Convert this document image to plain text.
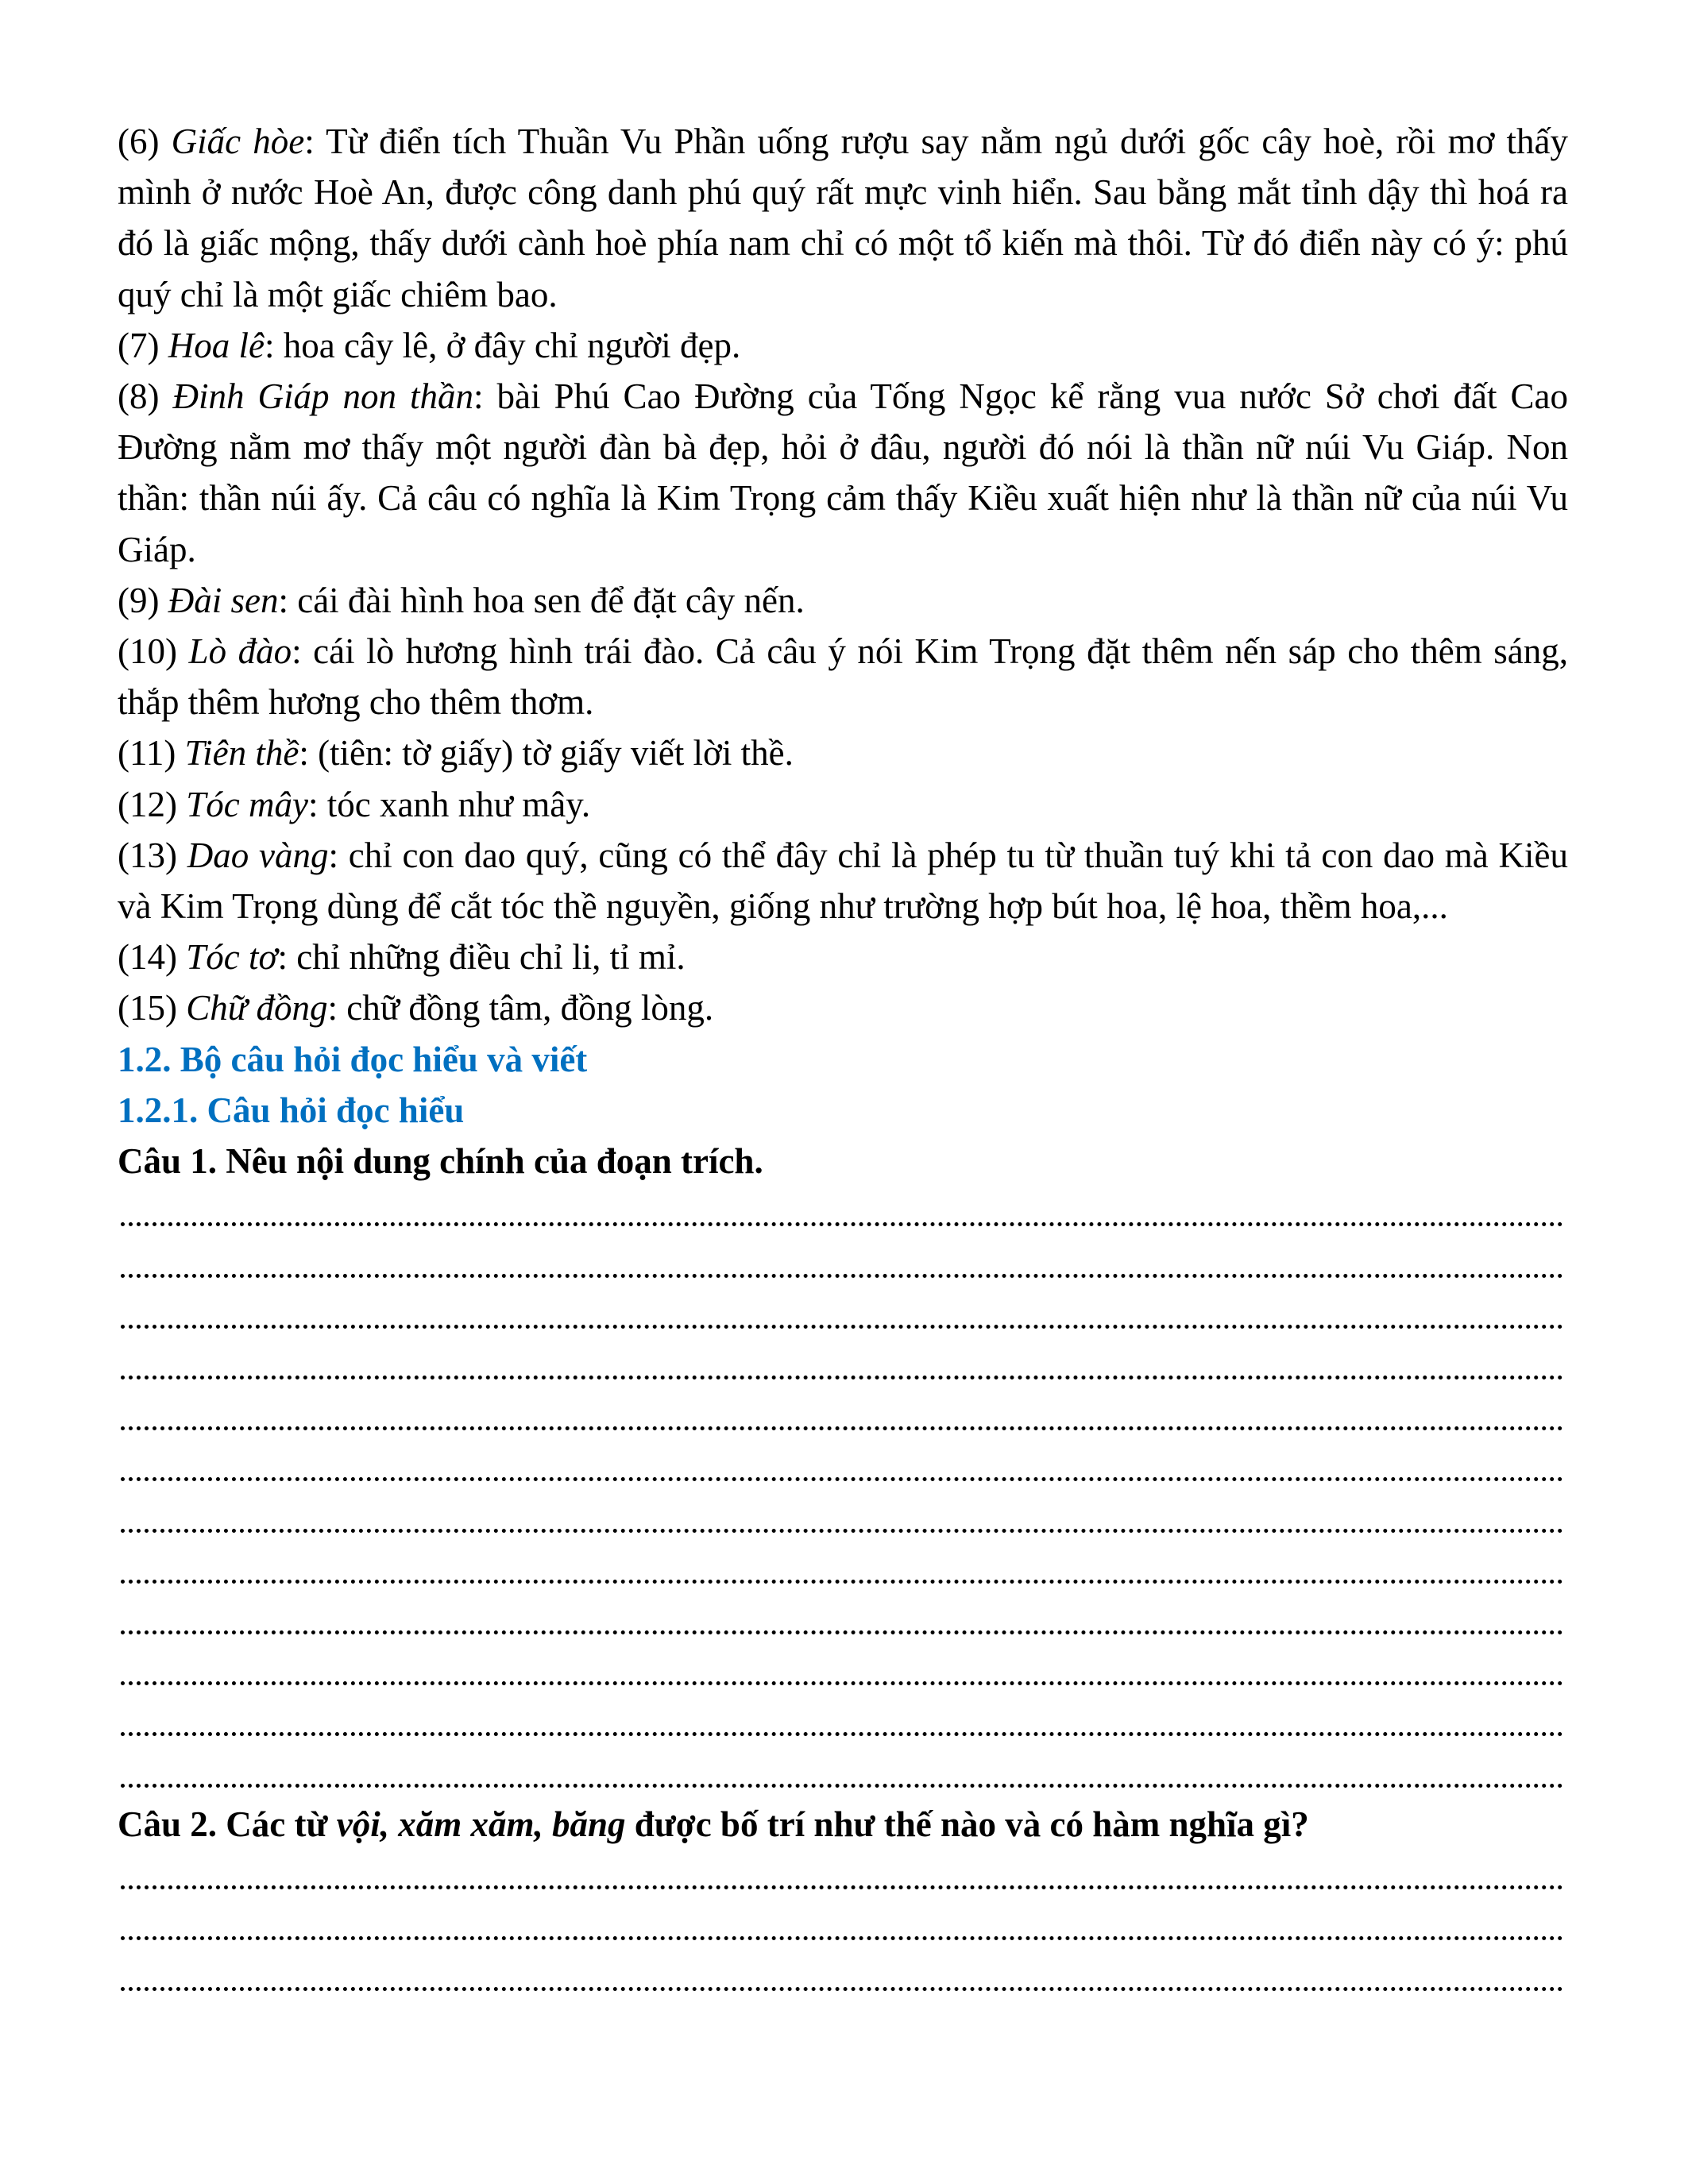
(6) Giấc hòe: Từ điển tích Thuần Vu Phần uống rượu say nằm ngủ dưới gốc cây hoè, rồi mơ thấy mình ở nước Hoè An, được công danh phú quý rất mực vinh hiển. Sau bằng mắt tỉnh dậy thì hoá ra đó là giấc mộng, thấy dưới cành hoè phía nam chỉ có một tổ kiến mà thôi. Từ đó điển này có ý: phú quý chỉ là một giấc chiêm bao.

(7) Hoa lê: hoa cây lê, ở đây chỉ người đẹp.

(8) Đinh Giáp non thần: bài Phú Cao Đường của Tống Ngọc kể rằng vua nước Sở chơi đất Cao Đường nằm mơ thấy một người đàn bà đẹp, hỏi ở đâu, người đó nói là thần nữ núi Vu Giáp. Non thần: thần núi ấy. Cả câu có nghĩa là Kim Trọng cảm thấy Kiều xuất hiện như là thần nữ của núi Vu Giáp.

(9) Đài sen: cái đài hình hoa sen để đặt cây nến.

(10) Lò đào: cái lò hương hình trái đào. Cả câu ý nói Kim Trọng đặt thêm nến sáp cho thêm sáng, thắp thêm hương cho thêm thơm.

(11) Tiên thề: (tiên: tờ giấy) tờ giấy viết lời thề.

(12) Tóc mây: tóc xanh như mây.

(13) Dao vàng: chỉ con dao quý, cũng có thể đây chỉ là phép tu từ thuần tuý khi tả con dao mà Kiều và Kim Trọng dùng để cắt tóc thề nguyền, giống như trường hợp bút hoa, lệ hoa, thềm hoa,...

(14) Tóc tơ: chỉ những điều chỉ li, tỉ mỉ.

(15) Chữ đồng: chữ đồng tâm, đồng lòng.

1.2. Bộ câu hỏi đọc hiểu và viết

1.2.1. Câu hỏi đọc hiểu

Câu 1. Nêu nội dung chính của đoạn trích.

Câu 2. Các từ vội, xăm xăm, băng được bố trí như thế nào và có hàm nghĩa gì?
